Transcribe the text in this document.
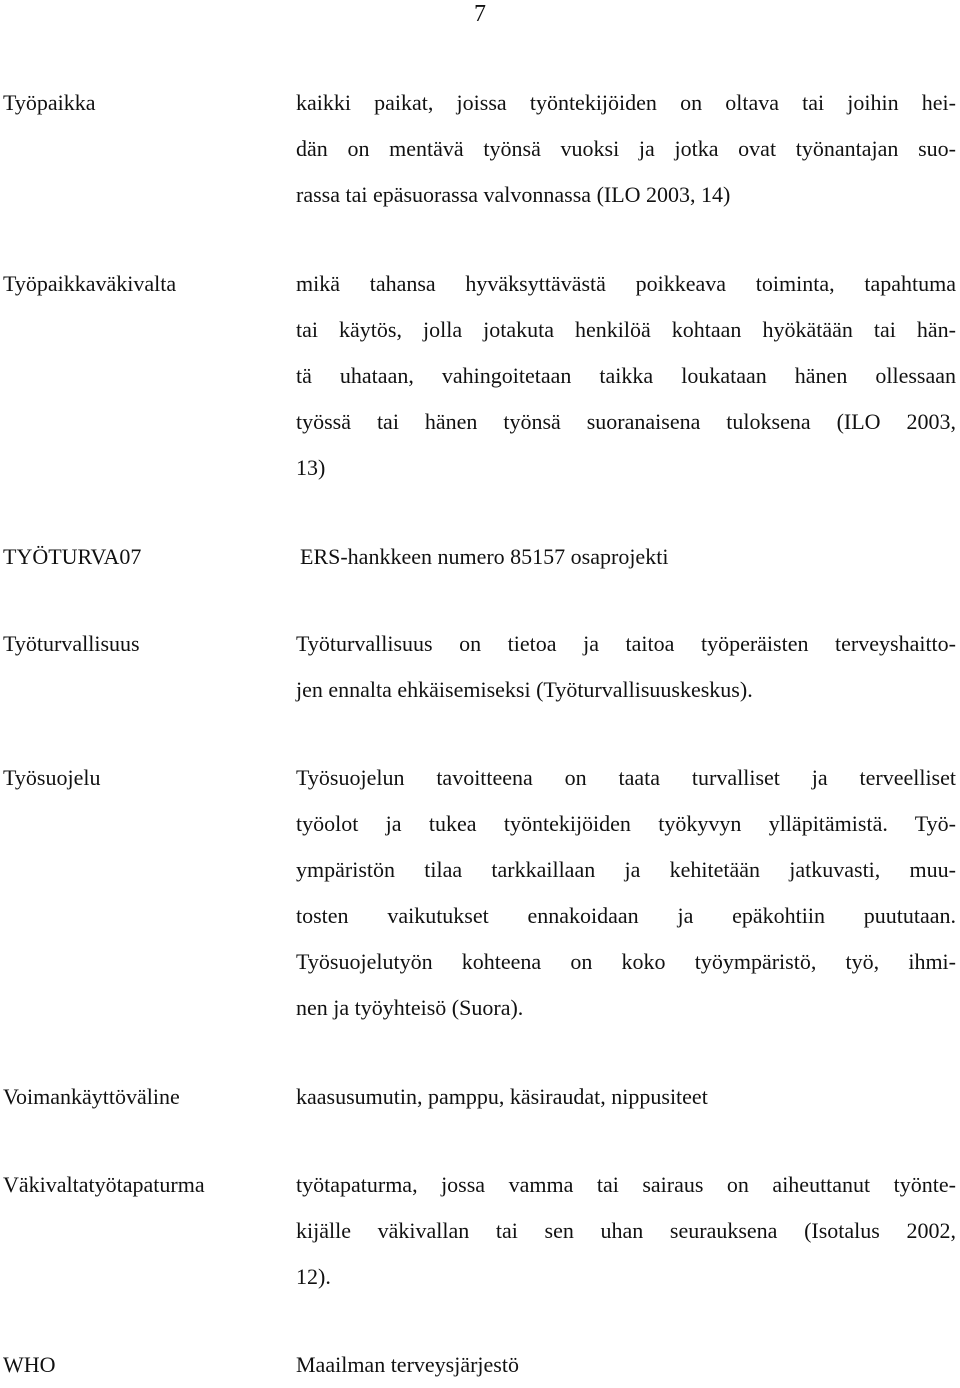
7
Työpaikka	kaikki paikat, joissa työntekijöiden on oltava tai joihin hei-
dän on mentävä työnsä vuoksi ja jotka ovat työnantajan suo-
rassa tai epäsuorassa valvonnassa (ILO 2003, 14)
Työpaikkaväkivalta	mikä tahansa hyväksyttävästä poikkeava toiminta, tapahtuma
tai käytös, jolla jotakuta henkilöä kohtaan hyökätään tai hän-
tä uhataan, vahingoitetaan taikka loukataan hänen ollessaan
työssä tai hänen työnsä suoranaisena tuloksena (ILO 2003,
13)
TYÖTURVA07	ERS-hankkeen numero 85157 osaprojekti
Työturvallisuus	Työturvallisuus on tietoa ja taitoa työperäisten terveyshaitto-
jen ennalta ehkäisemiseksi (Työturvallisuuskeskus).
Työsuojelu	Työsuojelun tavoitteena on taata turvalliset ja terveelliset
työolot ja tukea työntekijöiden työkyvyn ylläpitämistä. Työ-
ympäristön tilaa tarkkaillaan ja kehitetään jatkuvasti, muu-
tosten vaikutukset ennakoidaan ja epäkohtiin puututaan.
Työsuojelutyön kohteena on koko työympäristö, työ, ihmi-
nen ja työyhteisö (Suora).
Voimankäyttöväline	kaasusumutin, pamppu, käsiraudat, nippusiteet
Väkivaltatyötapaturma	työtapaturma, jossa vamma tai sairaus on aiheuttanut työnte-
kijälle väkivallan tai sen uhan seurauksena (Isotalus 2002,
12).
WHO	Maailman terveysjärjestö
